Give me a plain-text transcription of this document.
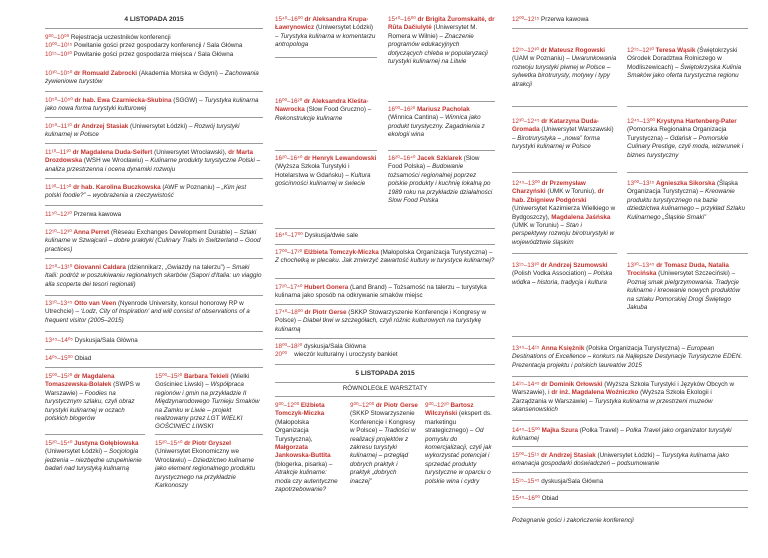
4 LISTOPADA 2015
9⁰⁰–10⁰⁰ Rejestracja uczestników konferencji
10⁰⁰–10¹⁵ Powitanie gości przez gospodarzy konferencji / Sala Główna
10¹⁵–10³⁰ Powitanie gości przez gospodarza miejsca / Sala Główna
10³⁰–10⁵⁰ dr Romuald Zabrocki (Akademia Morska w Gdyni) – Zachowania żywieniowe turystów
10⁵⁰–10⁵⁰ dr hab. Ewa Czarniecka-Skubina (SGGW) – Turystyka kulinarna jako nowa forma turystyki kulturowej
10⁵⁰–11¹⁰ dr Andrzej Stasiak (Uniwersytet Łódzki) – Rozwój turystyki kulinarnej w Polsce
11¹⁰–11³⁰ dr Magdalena Duda-Seifert (Uniwersytet Wrocławski), dr Marta Drozdowska (WSH we Wrocławiu) – Kulinarne produkty turystyczne Polski – analiza przestrzenna i ocena dynamiki rozwoju
11³⁰–11⁵⁰ dr hab. Karolina Buczkowska (AWF w Poznaniu) – „Kim jest polski foodie?” – wyobrażenia a rzeczywistość
11⁵⁰–12¹⁰ Przerwa kawowa
12¹⁰–12³⁰ Anna Perret (Rèseau Exchanges Development Durable) – Szlaki kulinarne w Szwajcarii – dobre praktyki (Culinary Trails in Switzerland – Good practices)
12⁵⁰–13¹⁰ Giovanni Caldara (dziennikarz, „Gwiazdy na talerzu”) – Smaki Italii: podróż w poszukiwaniu regionalnych skarbów (Sapori d'Italia: un viaggio alla scoperta dei tesori regionali)
13¹⁰–13⁴⁵ Otto van Veen (Nyenrode University, konsul honorowy RP w Utrechcie) – ‘Lodz, City of Inspiration’ and will consist of observations of a frequent visitor (2005–2015)
13⁴⁵–14⁰⁵ Dyskusja/Sala Główna
14⁰⁵–15⁰⁰ Obiad
15⁰⁰–15²⁰ dr Magdalena Tomaszewska-Bolałek (SWPS w Warszawie) – Foodies na turystycznym szlaku, czyli obraz turystyki kulinarnej w oczach polskich blogerów
15²⁰–15⁴⁰ Justyna Gołębiowska (Uniwersytet Łódzki) – Socjologia jedzenia – niezbędne uzupełnienie badań nad turystyką kulinarną
15⁰⁰–15²⁰ Barbara Tekieli (Wielki Gościniec Liwski) – Współpraca regionów i gmin na przykładzie II Międzynarodowego Turnieju Smaków na Zamku w Liwie – projekt realizowany przez LGT WIELKI GOŚCINIEC LIWSKI
15²⁰–15⁴⁰ dr Piotr Gryszel (Uniwersytet Ekonomiczny we Wrocławiu) – Dziedzictwo kulinarne jako element regionalnego produktu turystycznego na przykładzie Karkonoszy
15⁴⁰–16⁰⁰ dr Aleksandra Krupa-Ławrynowicz (Uniwersytet Łódzki) – Turystyka kulinarna w komentarzu antropologa
16⁰⁰–16²⁰ dr Aleksandra Kleśta-Nawrocka (Slow Food Gruczno) – Rekonstrukcje kulinarne
16²⁰–16⁴⁰ dr Henryk Lewandowski (Wyższa Szkoła Turystyki i Hotelarstwa w Gdańsku) – Kultura gościnności kulinarnej w świecie
15⁴⁰–16⁰⁰ dr Brigita Żuromskaitė, dr Rūta Dačiulytė (Uniwersytet M. Romera w Wilnie) – Znaczenie programów edukacyjnych dotyczących chleba w popularyzacji turystyki kulinarnej na Litwie
16⁰⁰–16²⁰ Mariusz Pacholak (Winnica Cantina) – Winnica jako produkt turystyczny. Zagadnienia z ekologii wina
16²⁰–16⁴⁰ Jacek Szklarek (Slow Food Polska) – Budowanie tożsamości regionalnej poprzez polskie produkty i kuchnię lokalną po 1989 roku na przykładzie działalności Slow Food Polska
16⁴⁰–17⁰⁰ Dyskusja/dwie sale
17⁰⁰–17²⁰ Elżbieta Tomczyk-Miczka (Małopolska Organizacja Turystyczna) – Z chochelką w plecaku. Jak zmierzyć zawartość kultury w turystyce kulinarnej?
17²⁰–17⁴⁰ Hubert Gonera (Land Brand) – Tożsamość na talerzu – turystyka kulinarna jako sposób na odkrywanie smaków miejsc
17⁴⁰–18⁰⁰ dr Piotr Gerse (SKKP Stowarzyszenie Konferencje i Kongresy w Polsce) – Diabeł tkwi w szczegółach, czyli różnic kulturowych na turystykę kulinarną
18⁰⁰–18²⁰ dyskusja/Sala Główna
20⁰⁰ wieczór kulturalny i uroczysty bankiet
5 LISTOPADA 2015
RÓWNOLEGŁE WARSZTATY
9⁰⁰–12⁰⁰ Elżbieta Tomczyk-Miczka (Małopolska Organizacja Turystyczna), Małgorzata Jankowska-Buttita (blogerka, pisarka) – Atrakcje kulinarne: moda czy autentyczne zapotrzebowanie?
9⁰⁰–12⁰⁰ dr Piotr Gerse (SKKP Stowarzyszenie Konferencje i Kongresy w Polsce) – Tradiości w realizacji projektów z zakresu turystyki kulinarnej – przegląd dobrych praktyk i praktyk „dobrych inaczej”
9⁰⁰–12²⁰ Bartosz Wilczyński (ekspert ds. marketingu strategicznego) – Od pomysłu do komercjalizacji, czyli jak wykorzystać potencjał i sprzedać produkty turystyczne w oparciu o polskie wina i cydry
12⁰⁰–12¹⁵ Przerwa kawowa
12¹⁵–12³⁰ dr Mateusz Rogowski (UAM w Poznaniu) – Uwarunkowania rozwoju turystyki piwnej w Polsce – sylwetka birotrurysty, motywy i typy atrakcji
12³⁰–12⁴⁵ dr Katarzyna Duda-Gromada (Uniwersytet Warszawski) – Birotrurystyka – „nowa” forma turystyki kulinarnej w Polsce
12⁴⁵–13⁰⁰ dr Przemysław Charzyński (UMK w Toruniu), dr hab. Zbigniew Podgórski (Uniwersytet Kazimierza Wielkiego w Bydgoszczy), Magdalena Jaśńska (UMK w Toruniu) – Stan i perspektywy rozwoju birotrurystyki w województwie śląskim
13¹⁵–13³⁰ dr Andrzej Szumowski (Polish Vodka Association) – Polska wódka – historia, tradycja i kultura
12¹⁵–12³⁰ Teresa Wąsik (Świętokrzyski Ośrodek Doradztwa Rolniczego w Modliszewicach) – Świętokrzyska Kulinia Smaków jako oferta turystyczna regionu
12⁴⁵–13⁰⁰ Krystyna Hartenberg-Pater (Pomorska Regionalna Organizacja Turystyczna) – Gdańsk – Pomorskie Culinary Prestige, czyli moda, wizerunek i biznes turystyczny
13⁰⁰–13¹⁵ Agnieszka Sikorska (Śląska Organizacja Turystyczna) – Kreowanie produktu turystycznego na bazie dziedzictwa kulinarnego – przykład Szlaku Kulinarnego „Śląskie Smaki”
13³⁰–13⁴⁵ dr Tomasz Duda, Natalia Trocińska (Uniwersytet Szczeciński) – Poznaj smak pielgrzymowania. Tradycje kulinarne i kreowanie nowych produktów na szlaku Pomorskiej Drogi Świętego Jakuba
13⁴⁵–14¹⁵ Anna Księżnik (Polska Organizacja Turystyczna) – European Destinations of Excellence – konkurs na Najlepsze Destynacje Turystyczne EDEN. Prezentacja projektu i polskich laureatów 2015
14¹⁵–14⁴⁵ dr Dominik Orłowski (Wyższa Szkoła Turystyki i Języków Obcych w Warszawie), i dr inż. Magdalena Woźniczko (Wyższa Szkoła Ekologii i Zarządzania w Warszawie) – Turystyka kulinarna w przestrzeni muzeów skansenowskich
14⁴⁵–15⁰⁰ Majka Szura (Polka Travel) – Polka Travel jako organizator turystyki kulinarnej
15⁰⁰–15¹⁵ dr Andrzej Stasiak (Uniwersytet Łódzki) – Turystyka kulinarna jako emanacja gospodarki doświadczeń – podsumowanie
15¹⁵–15⁴⁵ dyskusja/Sala Główna
15⁴⁵–16⁰⁰ Obiad
Pożegnanie gości i zakończenie konferencji
